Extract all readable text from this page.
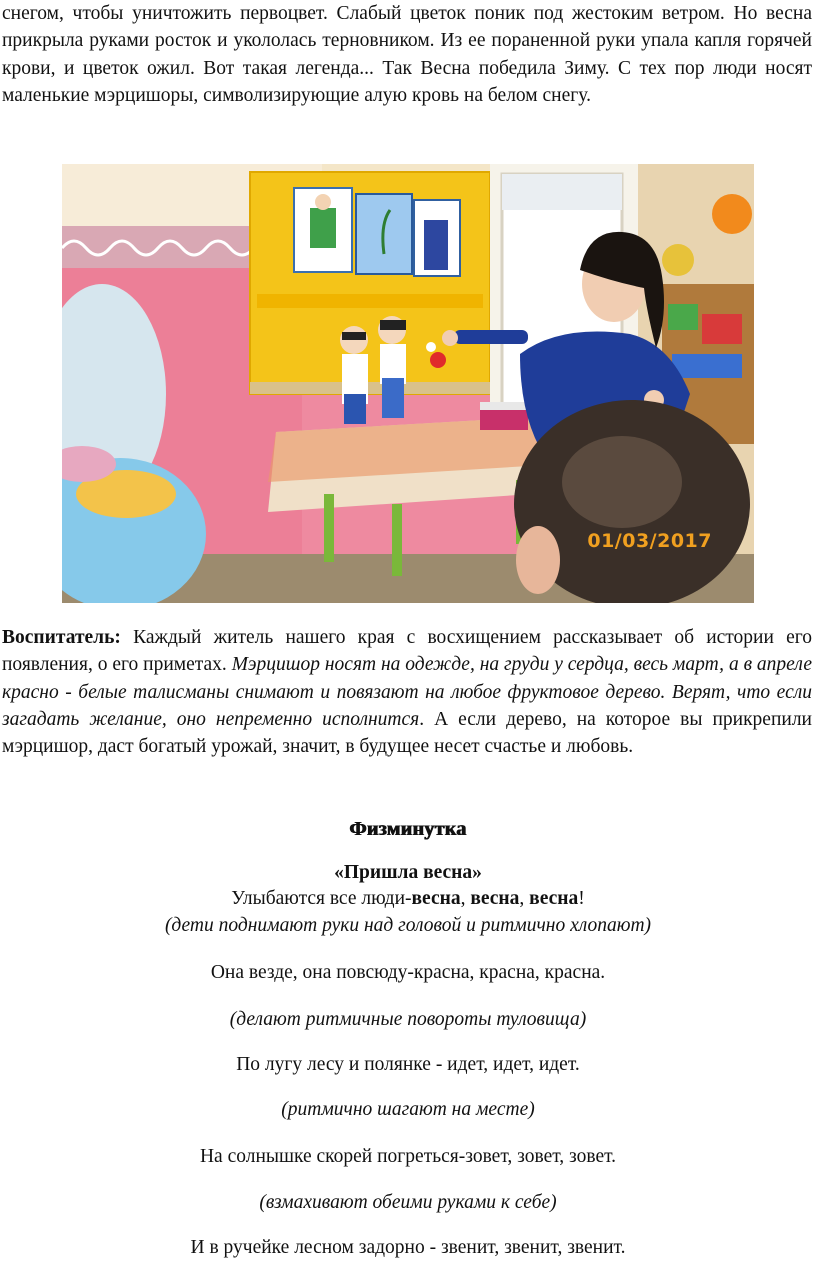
снегом, чтобы уничтожить первоцвет. Слабый цветок поник под жестоким ветром. Но весна прикрыла руками росток и укололась терновником. Из ее пораненной руки упала капля горячей крови, и цветок ожил. Вот такая легенда... Так Весна победила Зиму. С тех пор люди носят маленькие мэрцишоры, символизирующие алую кровь на белом снегу.

01/03/2017

Воспитатель: Каждый житель нашего края с восхищением рассказывает об истории его появления, о его приметах. Мэрцишор носят на одежде, на груди у сердца, весь март, а в апреле красно - белые талисманы снимают и повязают на любое фруктовое дерево. Верят, что если загадать желание, оно непременно исполнится. А если дерево, на которое вы прикрепили мэрцишор, даст богатый урожай, значит, в будущее несет счастье и любовь.

Физминутка

«Пришла весна»

Улыбаются все люди-весна, весна, весна!

(дети поднимают руки над головой и ритмично хлопают)

Она везде, она повсюду-красна, красна, красна.

(делают ритмичные повороты туловища)

По лугу лесу и полянке - идет, идет, идет.

(ритмично шагают на месте)

На солнышке скорей погреться-зовет, зовет, зовет.

(взмахивают обеими руками к себе)

И в ручейке лесном задорно - звенит, звенит, звенит.
